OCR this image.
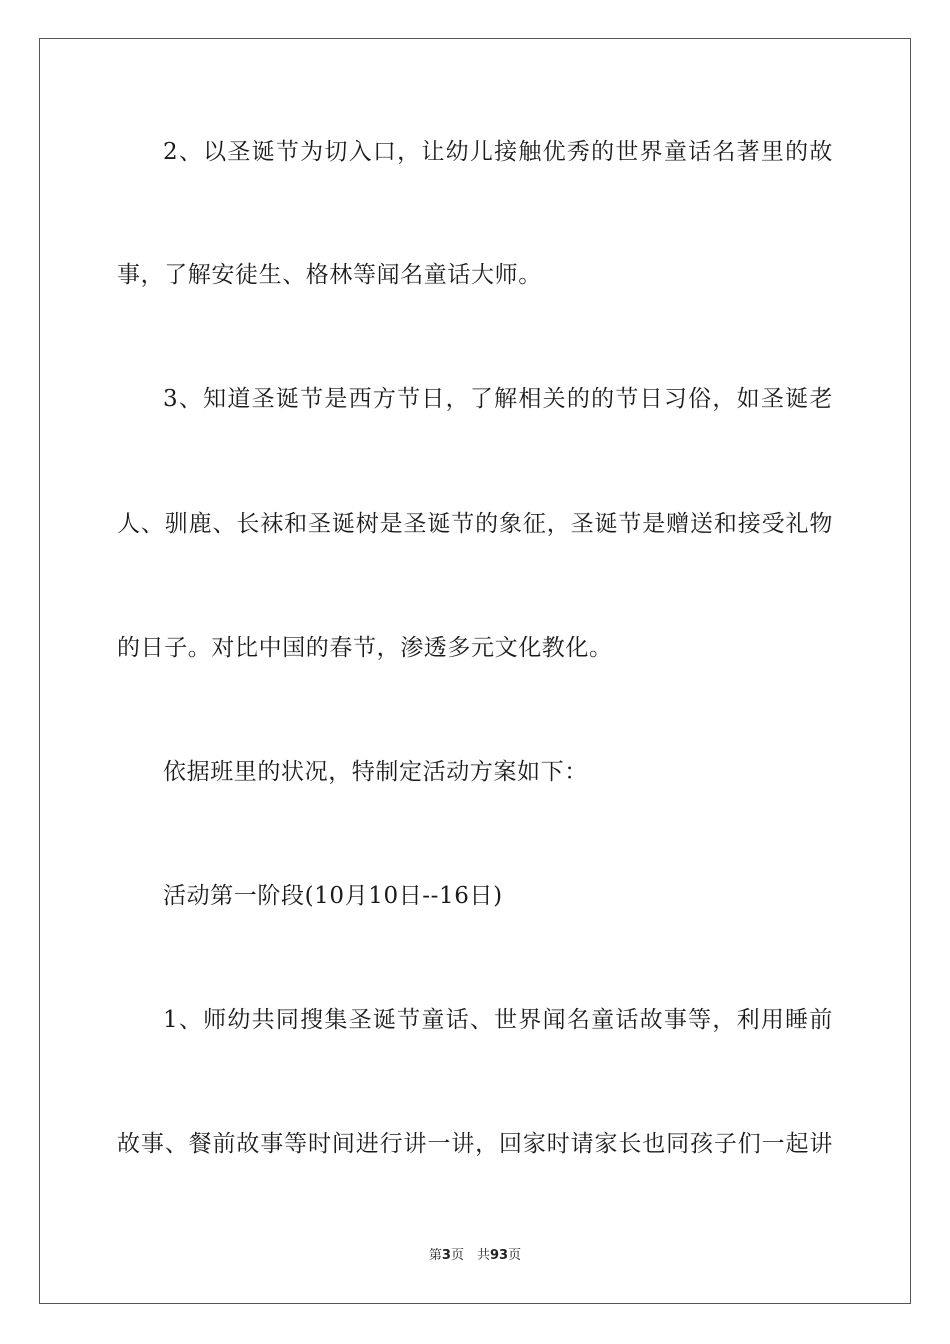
2、以圣诞节为切入口，让幼儿接触优秀的世界童话名著里的故
事，了解安徒生、格林等闻名童话大师。
3、知道圣诞节是西方节日，了解相关的的节日习俗，如圣诞老
人、驯鹿、长袜和圣诞树是圣诞节的象征，圣诞节是赠送和接受礼物
的日子。对比中国的春节，渗透多元文化教化。
依据班里的状况，特制定活动方案如下：
活动第一阶段(10月10日--16日)
1、师幼共同搜集圣诞节童话、世界闻名童话故事等，利用睡前
故事、餐前故事等时间进行讲一讲，回家时请家长也同孩子们一起讲
第3页　共93页
